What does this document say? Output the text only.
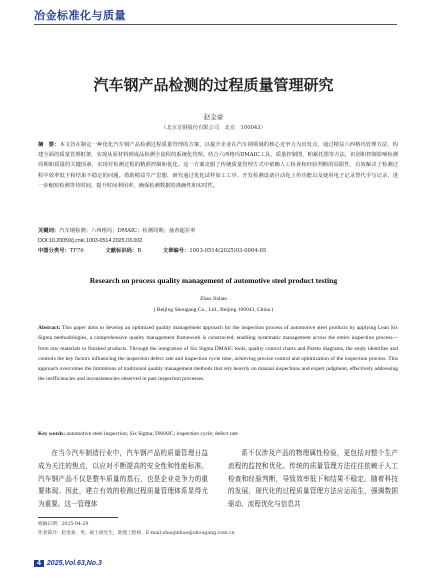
冶金标准化与质量
汽车钢产品检测的过程质量管理研究
赵金豪
（北京首钢股份有限公司　北京　100043）
摘　要：本文旨在制定一种优化汽车钢产品检测过程质量管理的方案，以提升企业在汽车钢领域的核心竞争力为出发点，通过精益六西格玛管理方法，构建全面的质量管理框架，实现从原材料到成品检测全流程的系统化管理。结合六西格玛DMAIC工具，质量控制图，帕累托图等方法，识别和控制影响检测周期和质量的关键因素，实现对检测过程的精准控制和优化。这一方案克服了传统质量管理方式中依赖人工检查和经验判断的局限性，有效解决了检测过程中效率低下和结果不稳定的问题。借助精益生产思想，研究通过优化试样加工工序、开发检测设备自动化上传功能以及使用电子记录替代手写记录，进一步缩短检测等待时间，提升时间利用率，确保检测数据的准确性和实时性。
关键词：汽车钢检测；六西格玛；DMAIC；检测周期；抽查超差率
DOI:10.20059/j.cnki.1003-0514.2025.03.002
中图分类号：TF76	文献标识码：B	文章编号：1003-0514(2025)03-0004-05
Research on process quality management of automotive steel product testing
Zhao Jinhao
( Beijing Shougang Co., Ltd., Beijing 100043, China )
Abstract: This paper aims to develop an optimized quality management approach for the inspection process of automotive steel products by applying Lean Six Sigma methodologies, a comprehensive quality management framework is constructed, enabling systematic management across the entire inspection process—from raw materials to finished products. Through the integration of Six Sigma DMAIC tools, quality control charts and Pareto diagrams, the study identifies and controls the key factors influencing the inspection defect rate and inspection cycle time, achieving precise control and optimization of the inspection process. This approach overcomes the limitations of traditional quality management methods that rely heavily on manual inspections and expert judgment, effectively addressing the inefficiencies and inconsistencies observed in past inspection processes.
Key words: automotive steel inspection; Six Sigma; DMAIC; inspection cycle; defect rate
在当今汽车制造行业中，汽车钢产品的质量管理日益成为关注的焦点，以应对不断提高的安全性和性能标准。汽车钢产品不仅是整车质量的基石，也是企业竞争力的重要体现。因此，建立有效的检测过程质量管理体系显得尤为重要。这一管理体
系不仅涉及产品的物理属性检验，更包括对整个生产流程的监控和优化。传统的质量管理方法往往依赖于人工检查和经验判断，导致效率低下和结果不稳定。随着科技的发展，现代化的过程质量管理方法应运而生，强调数据驱动、流程优化与信息共
收稿日期：2025-04-29
作者简介：赵金豪，男，硕士研究生，助理工程师。E-mail:zhaojinhao@shougang.com.cn
4 2025,Vol.63,No.3
